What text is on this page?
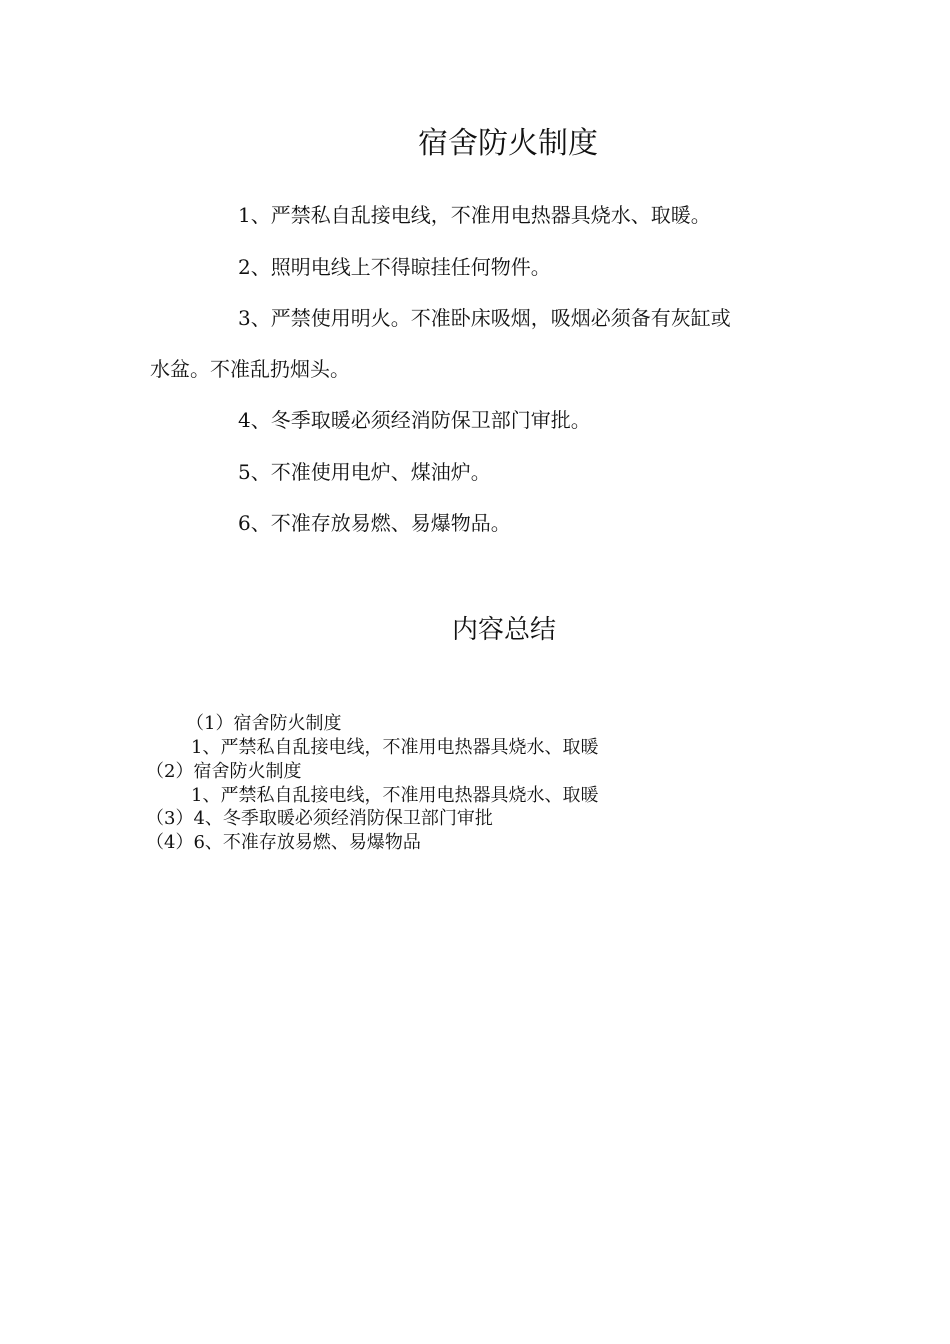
宿舍防火制度
1、严禁私自乱接电线，不准用电热器具烧水、取暖。
2、照明电线上不得晾挂任何物件。
3、严禁使用明火。不准卧床吸烟，吸烟必须备有灰缸或
水盆。不准乱扔烟头。
4、冬季取暖必须经消防保卫部门审批。
5、不准使用电炉、煤油炉。
6、不准存放易燃、易爆物品。
内容总结
（1）宿舍防火制度
1、严禁私自乱接电线，不准用电热器具烧水、取暖
（2）宿舍防火制度
1、严禁私自乱接电线，不准用电热器具烧水、取暖
（3）4、冬季取暖必须经消防保卫部门审批
（4）6、不准存放易燃、易爆物品
